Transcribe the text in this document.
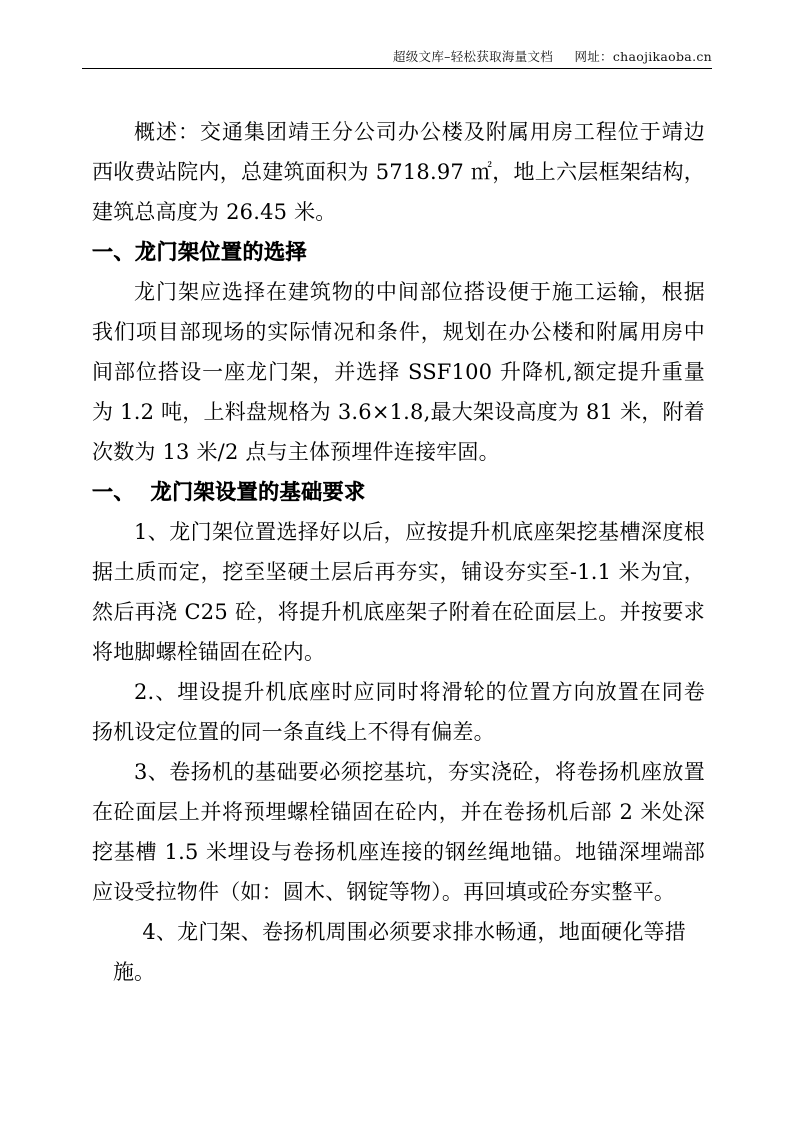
超级文库–轻松获取海量文档     网址：chaojikaoba.cn

概述：交通集团靖王分公司办公楼及附属用房工程位于靖边西收费站院内，总建筑面积为 5718.97 ㎡，地上六层框架结构，建筑总高度为 26.45 米。

一、龙门架位置的选择

龙门架应选择在建筑物的中间部位搭设便于施工运输，根据我们项目部现场的实际情况和条件，规划在办公楼和附属用房中间部位搭设一座龙门架，并选择 SSF100 升降机,额定提升重量为 1.2 吨，上料盘规格为 3.6×1.8,最大架设高度为 81 米，附着次数为 13 米/2 点与主体预埋件连接牢固。

一、  龙门架设置的基础要求

1、龙门架位置选择好以后，应按提升机底座架挖基槽深度根据土质而定，挖至坚硬土层后再夯实，铺设夯实至-1.1 米为宜，然后再浇 C25 砼，将提升机底座架子附着在砼面层上。并按要求将地脚螺栓锚固在砼内。

2.、埋设提升机底座时应同时将滑轮的位置方向放置在同卷扬机设定位置的同一条直线上不得有偏差。

3、卷扬机的基础要必须挖基坑，夯实浇砼，将卷扬机座放置在砼面层上并将预埋螺栓锚固在砼内，并在卷扬机后部 2 米处深挖基槽 1.5 米埋设与卷扬机座连接的钢丝绳地锚。地锚深埋端部应设受拉物件（如：圆木、钢锭等物）。再回填或砼夯实整平。

4、龙门架、卷扬机周围必须要求排水畅通，地面硬化等措

施。
